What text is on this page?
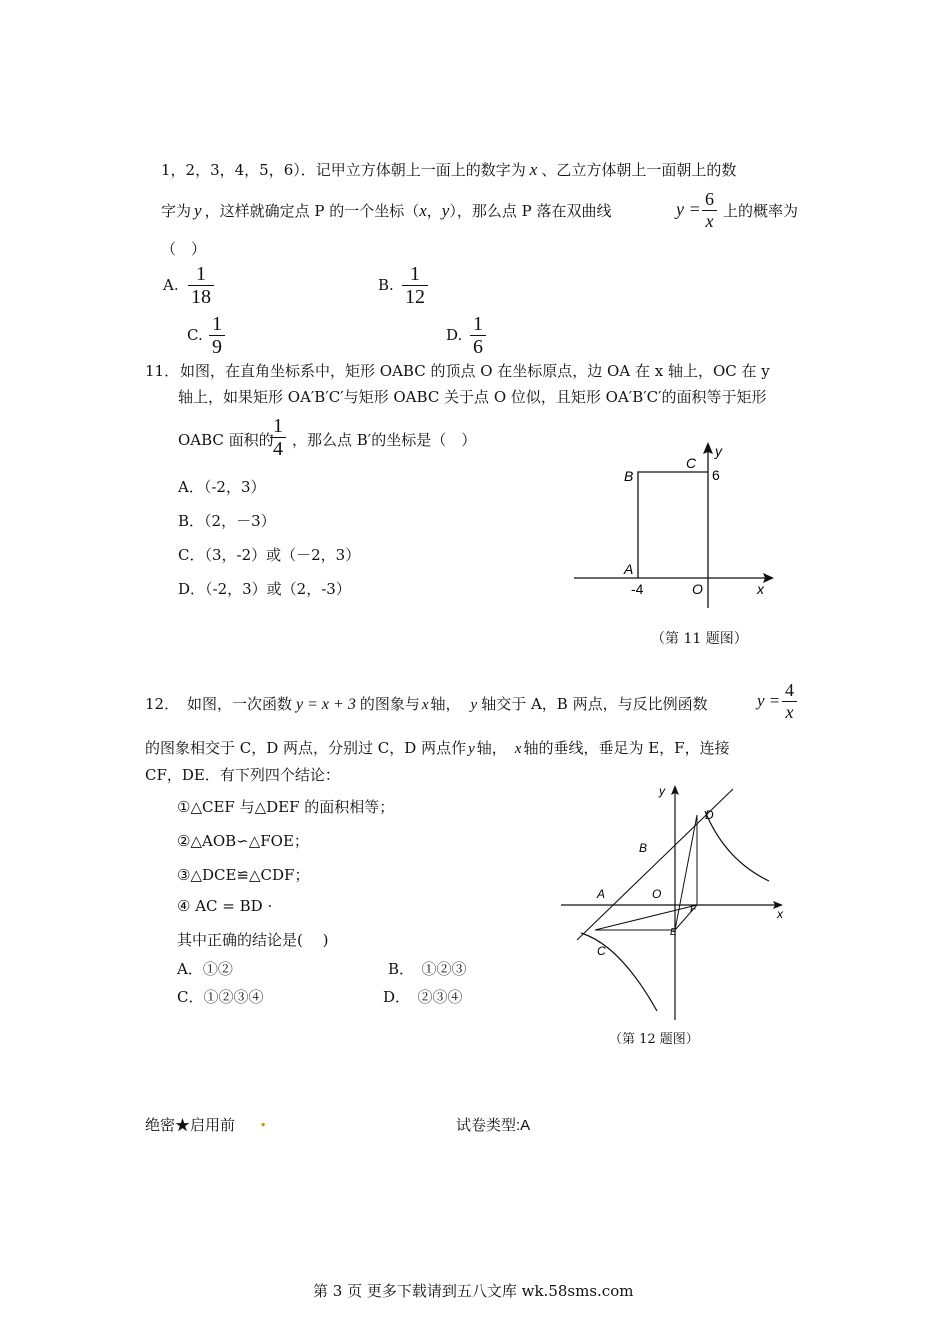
1，2，3，4，5，6）．记甲立方体朝上一面上的数字为 x 、乙立方体朝上一面朝上的数
字为 y ，这样就确定点 P 的一个坐标（x，y），那么点 P 落在双曲线	y = 6
x 上的概率为
（　）
A. 1
18
B. 1
12
C. 1
9
D. 1
6
11． 如图，在直角坐标系中，矩形 OABC 的顶点 O 在坐标原点，边 OA 在 x 轴上，OC 在 y
轴上，如果矩形 OA′B′C′与矩形 OABC 关于点 O 位似，且矩形 OA′B′C′的面积等于矩形
OABC 面积的
1
4 ，那么点 B′的坐标是（　）
A．（-2，3）
B．（2，－3）
C．（3，-2）或（－2，3）
D．（-2，3）或（2，-3）
y
C
6
B
A
-4	O	x
（第 11 题图）
12． 如图，一次函数 y = x + 3 的图象与 x 轴， y 轴交于 A，B 两点，与反比例函数	y =
4
x
的图象相交于 C，D 两点，分别过 C，D 两点作 y 轴， x 轴的垂线，垂足为 E，F，连接
CF，DE．有下列四个结论：
①△CEF 与△DEF 的面积相等；
②△AOB∽△FOE；
③△DCE≌△CDF；
④ AC = BD ·
其中正确的结论是(　 )
A．①②	B．　①②③
C．①②③④	D．　②③④
y
D
B
A	O
x
F
E
C
（第 12 题图）
绝密★启用前 .	试卷类型:A
第 3 页 更多下载请到五八文库 wk.58sms.com
